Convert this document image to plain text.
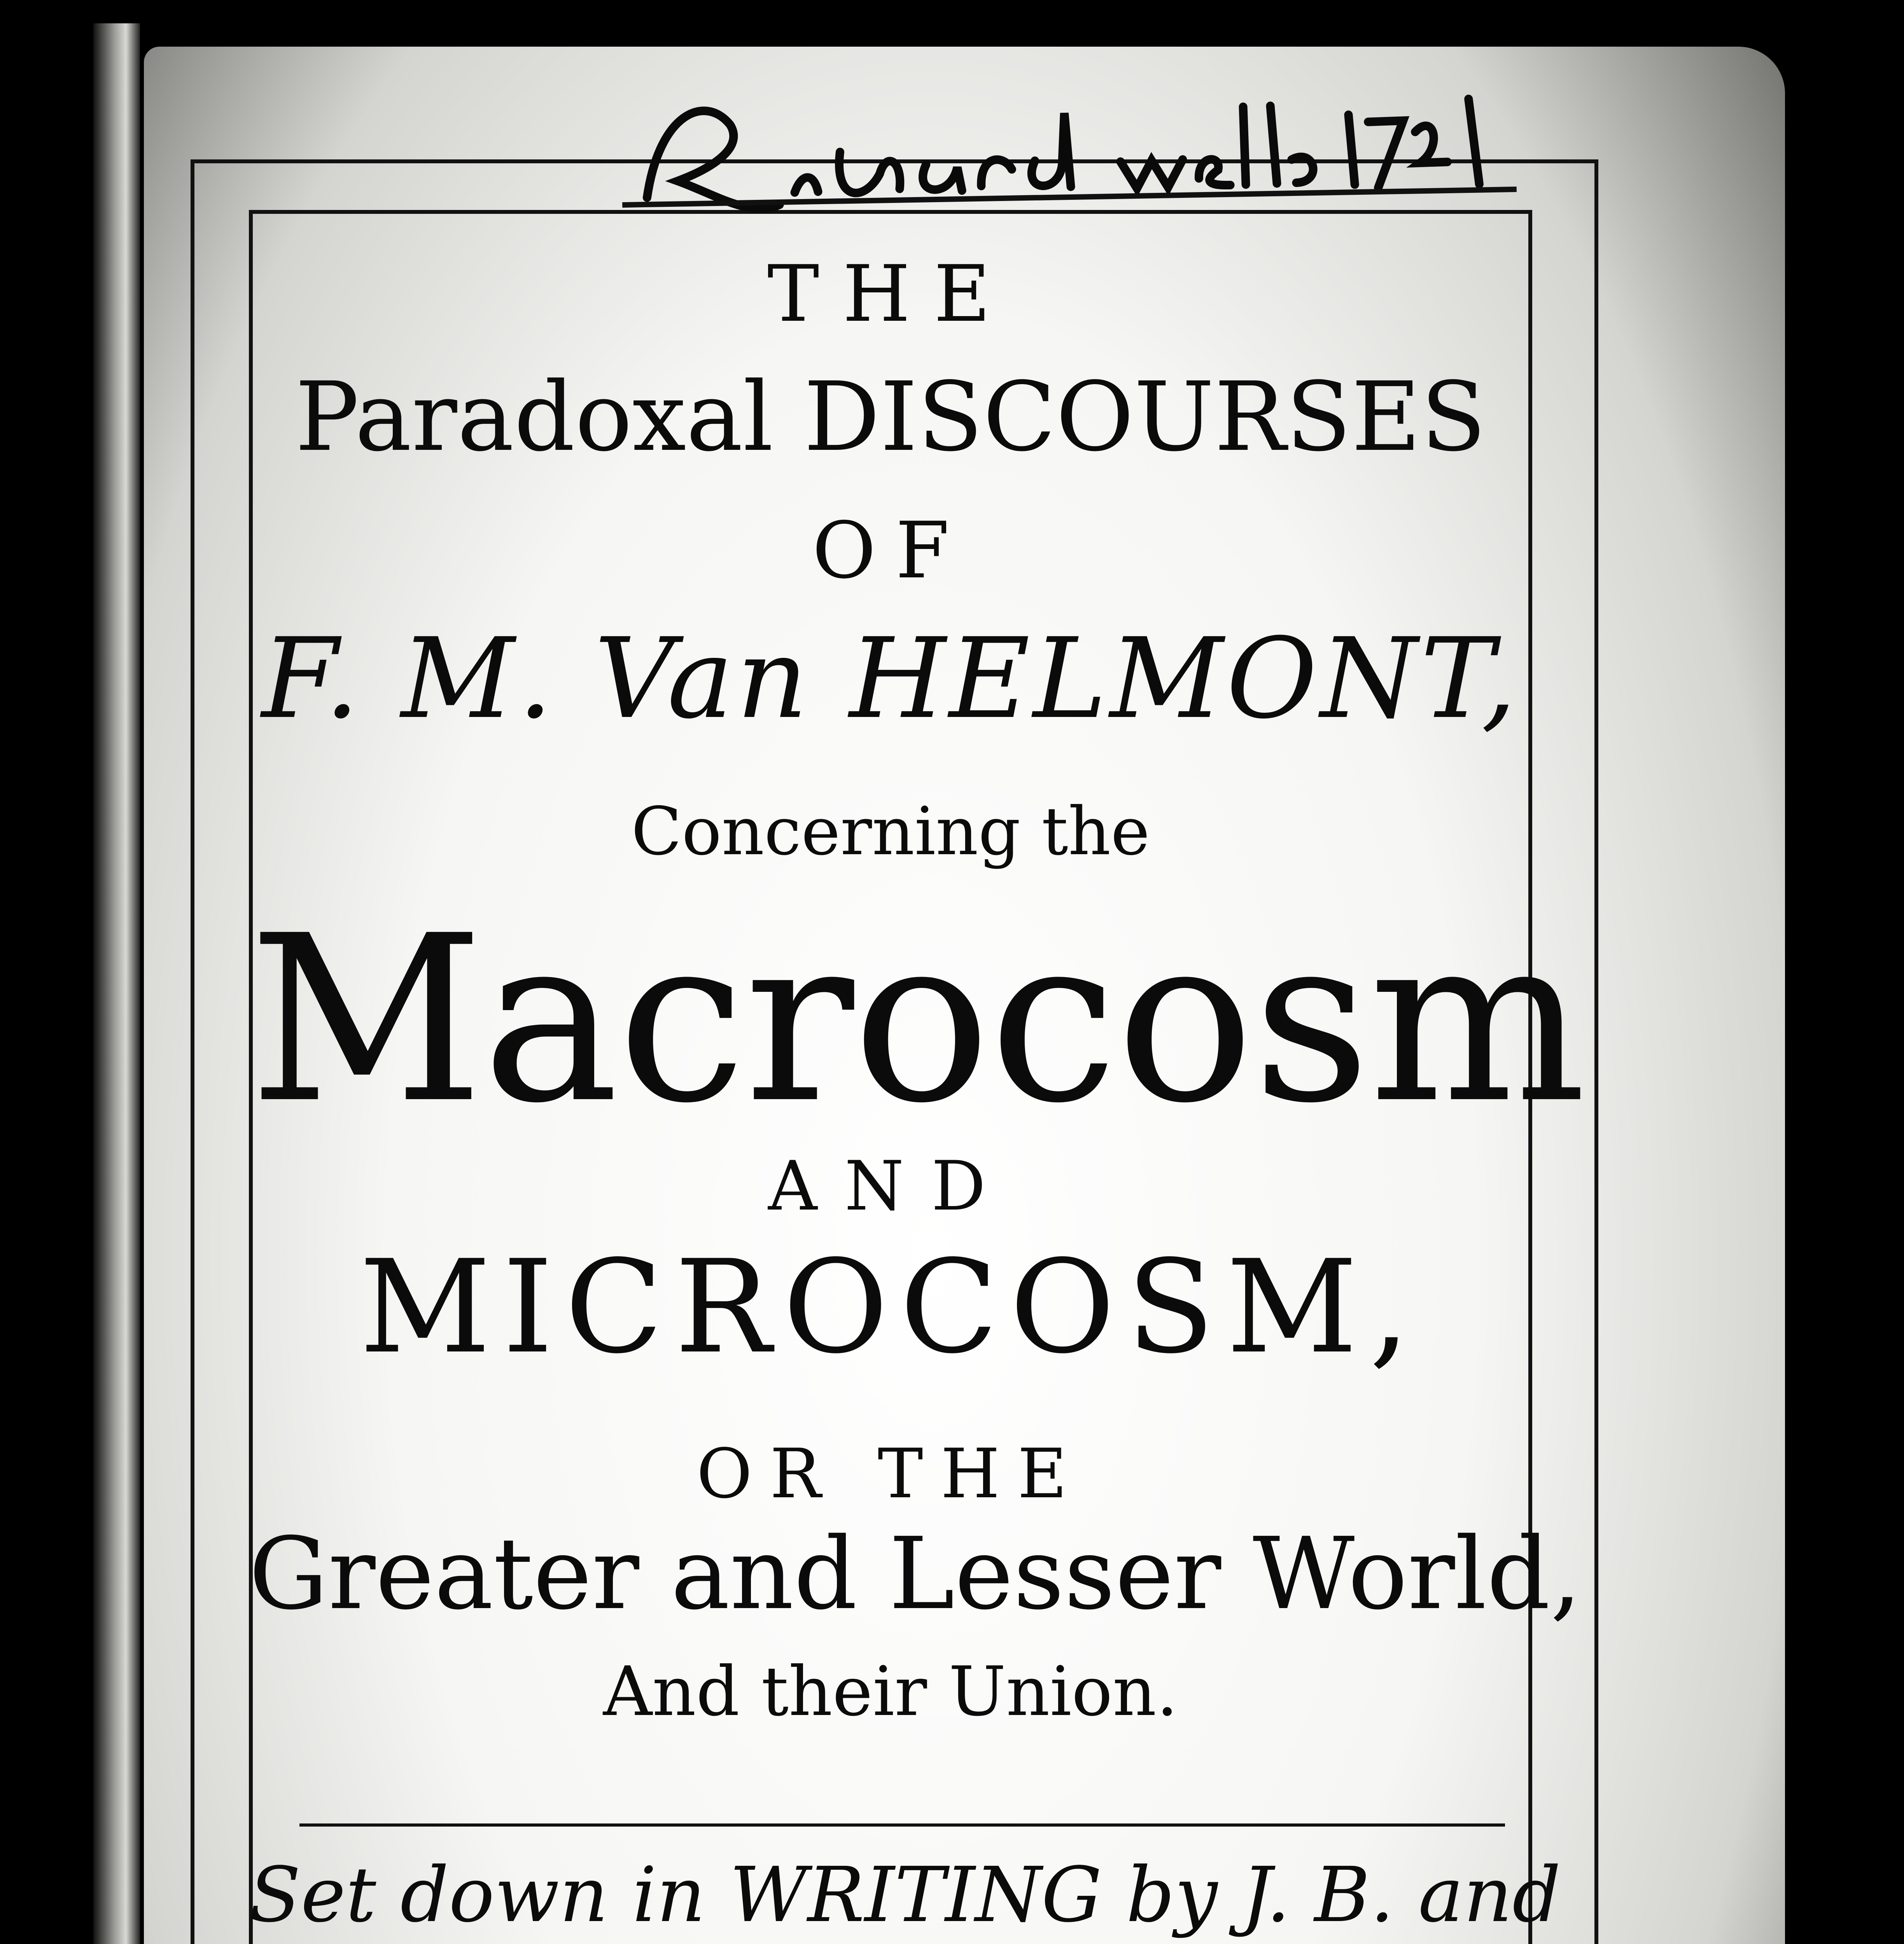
THE
Paradoxal DISCOURSES
OF
F. M. Van HELMONT,
Concerning the
Macrocosm
AND
MICROCOSM,
OR THE
Greater and Lesser World,
And their Union.
Set down in WRITING by J. B. and
